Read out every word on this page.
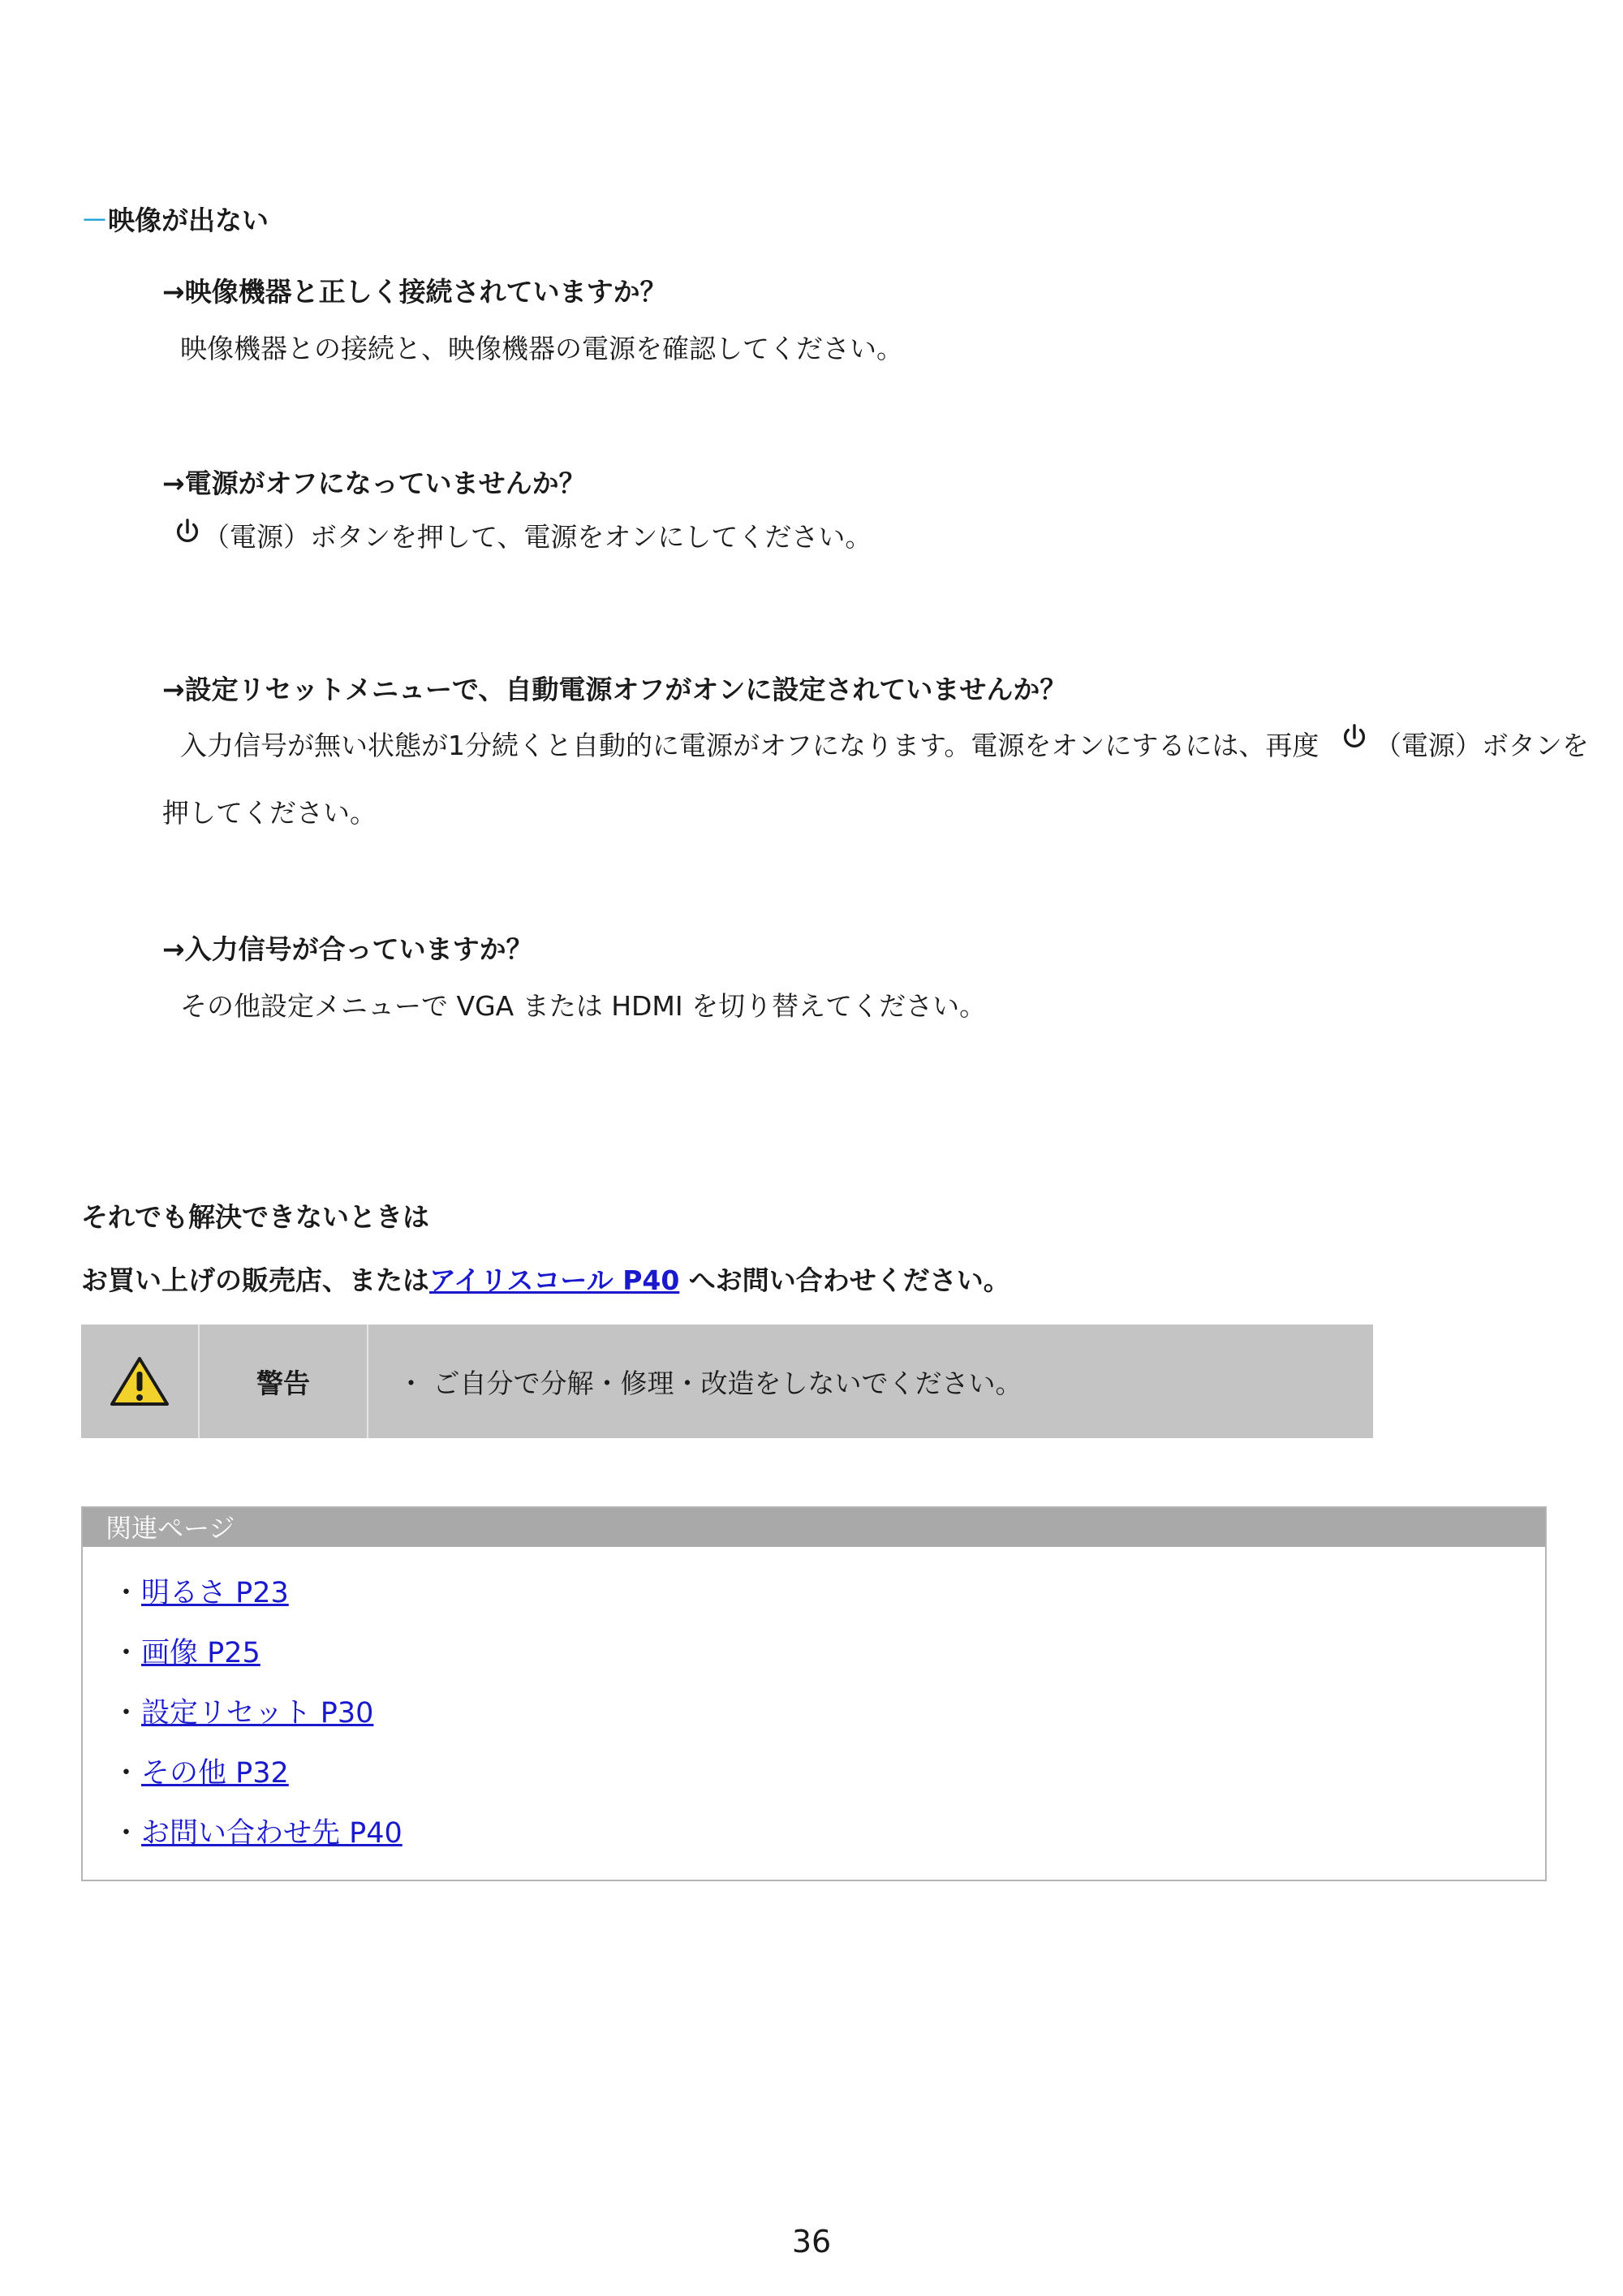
－映像が出ない
→映像機器と正しく接続されていますか？
映像機器との接続と、映像機器の電源を確認してください。
→電源がオフになっていませんか？
（電源）ボタンを押して、電源をオンにしてください。
→設定リセットメニューで、自動電源オフがオンに設定されていませんか？
入力信号が無い状態が1分続くと自動的に電源がオフになります。電源をオンにするには、再度 （電源）ボタンを
押してください。
→入力信号が合っていますか？
その他設定メニューで VGA または HDMI を切り替えてください。
それでも解決できないときは
お買い上げの販売店、またはアイリスコール P40 へお問い合わせください。
警告	・ ご自分で分解・修理・改造をしないでください。
関連ページ
・明るさ P23
・画像 P25
・設定リセット P30
・その他 P32
・お問い合わせ先 P40
36
